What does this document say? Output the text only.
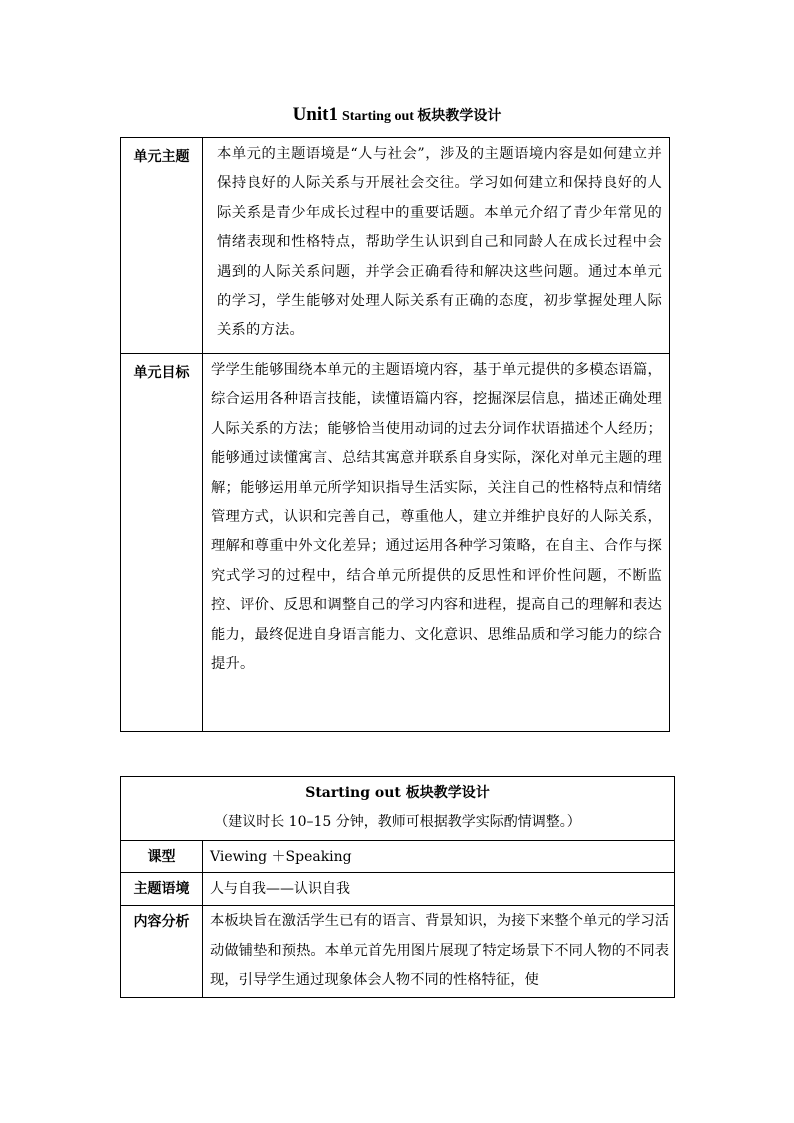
Unit1 Starting out 板块教学设计
单元主题	本单元的主题语境是“人与社会”，涉及的主题语境内容是如何建立并保持良好的人际关系与开展社会交往。学习如何建立和保持良好的人际关系是青少年成长过程中的重要话题。本单元介绍了青少年常见的情绪表现和性格特点，帮助学生认识到自己和同龄人在成长过程中会遇到的人际关系问题，并学会正确看待和解决这些问题。通过本单元的学习，学生能够对处理人际关系有正确的态度，初步掌握处理人际关系的方法。

单元目标	学学生能够围绕本单元的主题语境内容，基于单元提供的多模态语篇，综合运用各种语言技能，读懂语篇内容，挖掘深层信息，描述正确处理人际关系的方法；能够恰当使用动词的过去分词作状语描述个人经历；能够通过读懂寓言、总结其寓意并联系自身实际，深化对单元主题的理解；能够运用单元所学知识指导生活实际，关注自己的性格特点和情绪管理方式，认识和完善自己，尊重他人，建立并维护良好的人际关系，理解和尊重中外文化差异；通过运用各种学习策略，在自主、合作与探究式学习的过程中，结合单元所提供的反思性和评价性问题，不断监控、评价、反思和调整自己的学习内容和进程，提高自己的理解和表达能力，最终促进自身语言能力、文化意识、思维品质和学习能力的综合提升。
Starting out 板块教学设计
（建议时长 10–15 分钟，教师可根据教学实际酌情调整。）	

课型	Viewing ＋Speaking

主题语境	人与自我——认识自我

内容分析	本板块旨在激活学生已有的语言、背景知识，为接下来整个单元的学习活动做铺垫和预热。本单元首先用图片展现了特定场景下不同人物的不同表现，引导学生通过现象体会人物不同的性格特征，使
